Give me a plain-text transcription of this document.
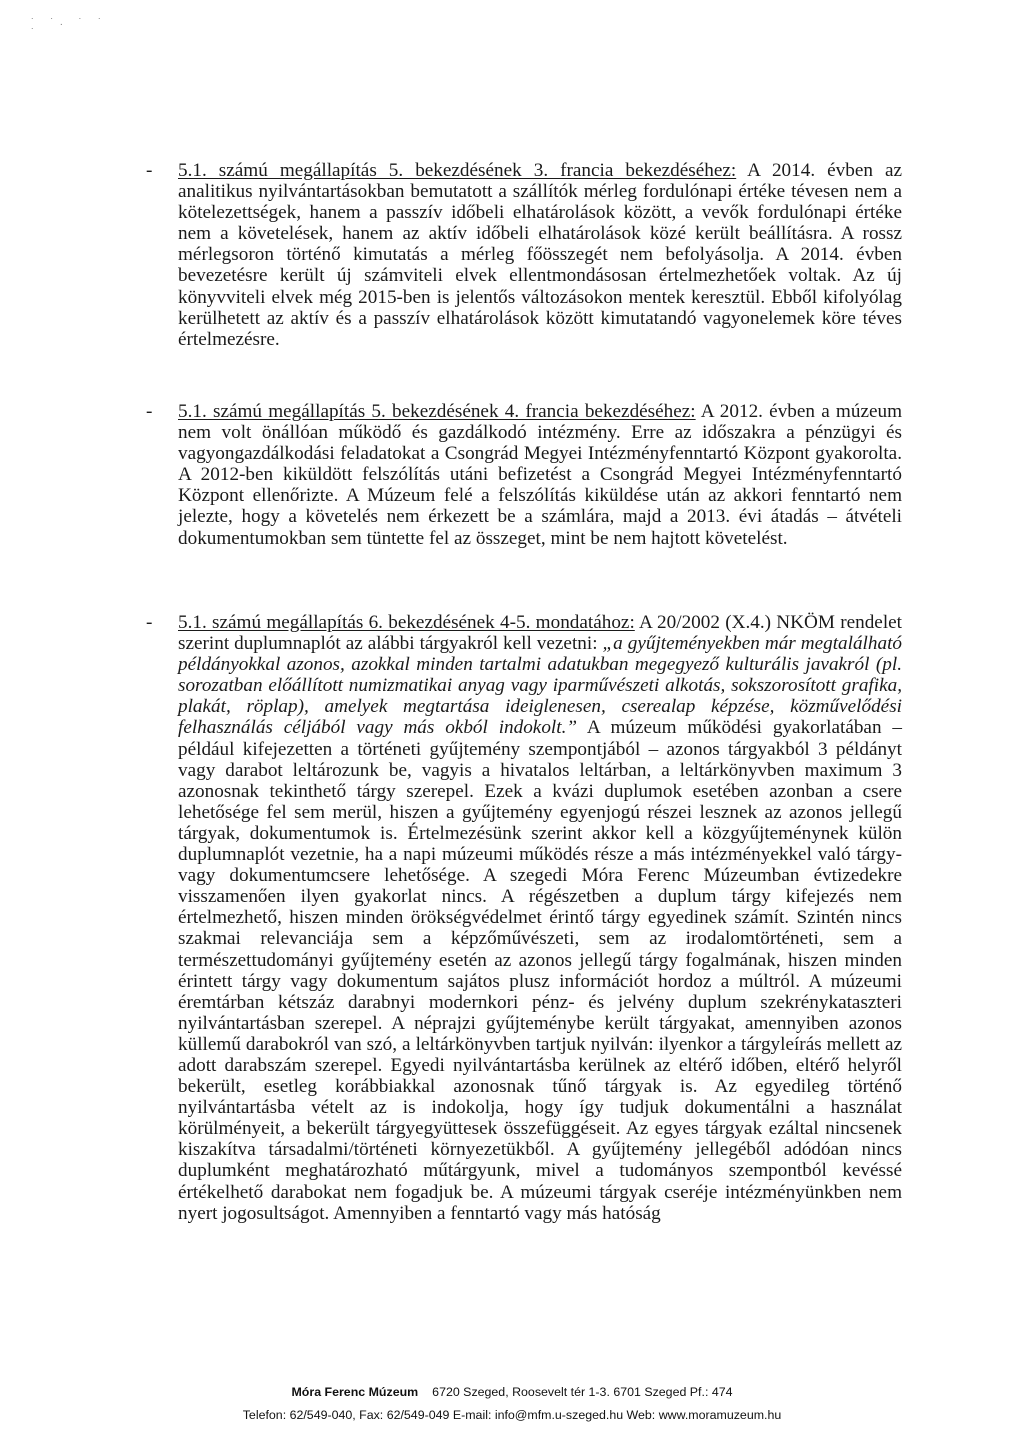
˙ ˙. ˙ ˙ ˙
- 5.1. számú megállapítás 5. bekezdésének 3. francia bekezdéséhez: A 2014. évben az analitikus nyilvántartásokban bemutatott a szállítók mérleg fordulónapi értéke tévesen nem a kötelezettségek, hanem a passzív időbeli elhatárolások között, a vevők fordulónapi értéke nem a követelések, hanem az aktív időbeli elhatárolások közé került beállításra. A rossz mérlegsoron történő kimutatás a mérleg főösszegét nem befolyásolja. A 2014. évben bevezetésre került új számviteli elvek ellentmondásosan értelmezhetőek voltak. Az új könyvviteli elvek még 2015-ben is jelentős változásokon mentek keresztül. Ebből kifolyólag kerülhetett az aktív és a passzív elhatárolások között kimutatandó vagyonelemek köre téves értelmezésre.
- 5.1. számú megállapítás 5. bekezdésének 4. francia bekezdéséhez: A 2012. évben a múzeum nem volt önállóan működő és gazdálkodó intézmény. Erre az időszakra a pénzügyi és vagyongazdálkodási feladatokat a Csongrád Megyei Intézményfenntartó Központ gyakorolta. A 2012-ben kiküldött felszólítás utáni befizetést a Csongrád Megyei Intézményfenntartó Központ ellenőrizte. A Múzeum felé a felszólítás kiküldése után az akkori fenntartó nem jelezte, hogy a követelés nem érkezett be a számlára, majd a 2013. évi átadás – átvételi dokumentumokban sem tüntette fel az összeget, mint be nem hajtott követelést.
- 5.1. számú megállapítás 6. bekezdésének 4-5. mondatához: A 20/2002 (X.4.) NKÖM rendelet szerint duplumnaplót az alábbi tárgyakról kell vezetni: „a gyűjteményekben már megtalálható példányokkal azonos, azokkal minden tartalmi adatukban megegyező kulturális javakról (pl. sorozatban előállított numizmatikai anyag vagy iparművészeti alkotás, sokszorosított grafika, plakát, röplap), amelyek megtartása ideiglenesen, cserealap képzése, közművelődési felhasználás céljából vagy más okból indokolt.” A múzeum működési gyakorlatában – például kifejezetten a történeti gyűjtemény szempontjából – azonos tárgyakból 3 példányt vagy darabot leltározunk be, vagyis a hivatalos leltárban, a leltárkönyvben maximum 3 azonosnak tekinthető tárgy szerepel. Ezek a kvázi duplumok esetében azonban a csere lehetősége fel sem merül, hiszen a gyűjtemény egyenjogú részei lesznek az azonos jellegű tárgyak, dokumentumok is. Értelmezésünk szerint akkor kell a közgyűjteménynek külön duplumnaplót vezetnie, ha a napi múzeumi működés része a más intézményekkel való tárgy- vagy dokumentumcsere lehetősége. A szegedi Móra Ferenc Múzeumban évtizedekre visszamenően ilyen gyakorlat nincs. A régészetben a duplum tárgy kifejezés nem értelmezhető, hiszen minden örökségvédelmet érintő tárgy egyedinek számít. Szintén nincs szakmai relevanciája sem a képzőművészeti, sem az irodalomtörténeti, sem a természettudományi gyűjtemény esetén az azonos jellegű tárgy fogalmának, hiszen minden érintett tárgy vagy dokumentum sajátos plusz információt hordoz a múltról. A múzeumi éremtárban kétszáz darabnyi modernkori pénz- és jelvény duplum szekrénykataszteri nyilvántartásban szerepel. A néprajzi gyűjteménybe került tárgyakat, amennyiben azonos küllemű darabokról van szó, a leltárkönyvben tartjuk nyilván: ilyenkor a tárgyleírás mellett az adott darabszám szerepel. Egyedi nyilvántartásba kerülnek az eltérő időben, eltérő helyről bekerült, esetleg korábbiakkal azonosnak tűnő tárgyak is. Az egyedileg történő nyilvántartásba vételt az is indokolja, hogy így tudjuk dokumentálni a használat körülményeit, a bekerült tárgyegyüttesek összefüggéseit. Az egyes tárgyak ezáltal nincsenek kiszakítva társadalmi/történeti környezetükből. A gyűjtemény jellegéből adódóan nincs duplumként meghatározható műtárgyunk, mivel a tudományos szempontból kevéssé értékelhető darabokat nem fogadjuk be. A múzeumi tárgyak cseréje intézményünkben nem nyert jogosultságot. Amennyiben a fenntartó vagy más hatóság
Móra Ferenc Múzeum 6720 Szeged, Roosevelt tér 1-3. 6701 Szeged Pf.: 474
Telefon: 62/549-040, Fax: 62/549-049 E-mail: info@mfm.u-szeged.hu Web: www.moramuzeum.hu
